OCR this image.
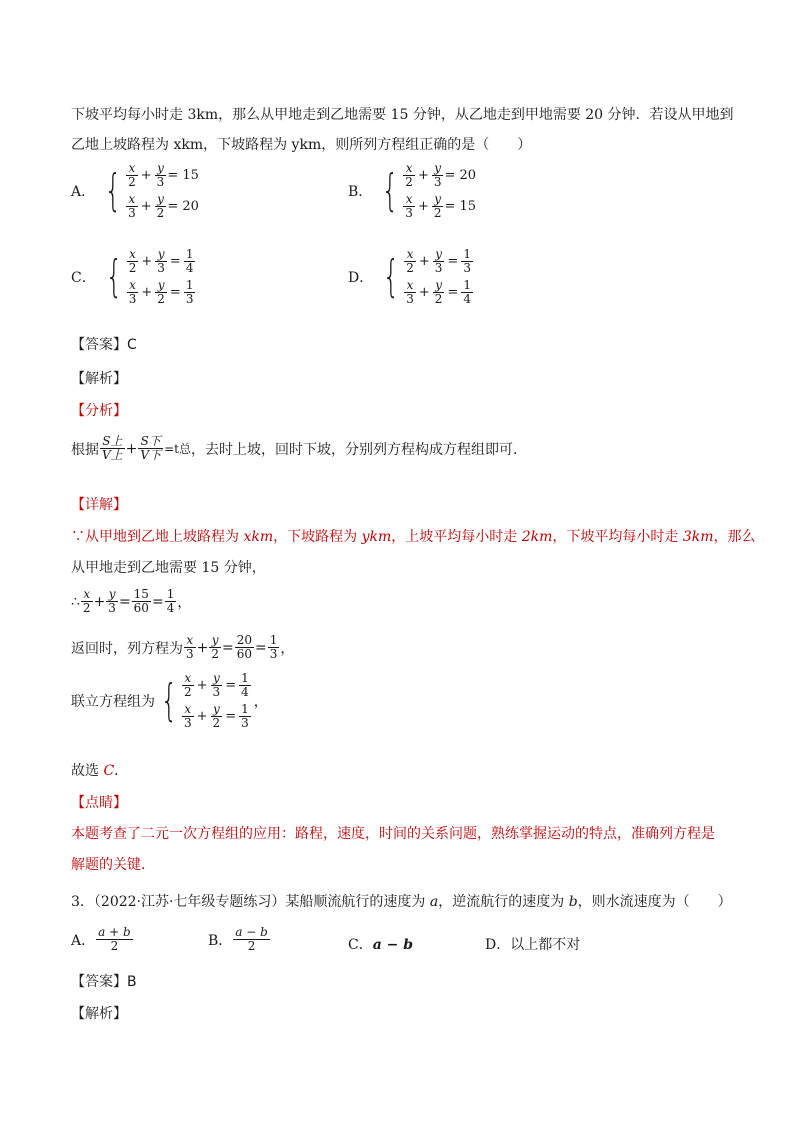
下坡平均每小时走 3km，那么从甲地走到乙地需要 15 分钟，从乙地走到甲地需要 20 分钟．若设从甲地到
乙地上坡路程为 xkm，下坡路程为 ykm，则所列方程组正确的是（　　）
A． { $\frac{x}{2} + \frac{y}{3} = 15$
$\frac{x}{3} + \frac{y}{2} = 20$
B． { $\frac{x}{2} + \frac{y}{3} = 20$
$\frac{x}{3} + \frac{y}{2} = 15$
C． { $\frac{x}{2} + \frac{y}{3} = \frac{1}{4}$
$\frac{x}{3} + \frac{y}{2} = \frac{1}{3}$
D． { $\frac{x}{2} + \frac{y}{3} = \frac{1}{3}$
$\frac{x}{3} + \frac{y}{2} = \frac{1}{4}$
【答案】C
【解析】
【分析】
根据 $\frac{\text{S上}}{\text{V上}} + \frac{\text{S下}}{\text{V下}} =t$总 ，去时上坡，回时下坡，分别列方程构成方程组即可．
【详解】
∵从甲地到乙地上坡路程为 xkm，下坡路程为 ykm，上坡平均每小时走 2km，下坡平均每小时走 3km，那么
从甲地走到乙地需要 15 分钟，
∴ $\frac{x}{2} + \frac{y}{3} = \frac{15}{60} = \frac{1}{4}$ ，
返回时，列方程为 $\frac{x}{3} + \frac{y}{2} = \frac{20}{60} = \frac{1}{3}$ ，
联立方程组为 { $\frac{x}{2} + \frac{y}{3} = \frac{1}{4}$
$\frac{x}{3} + \frac{y}{2} = \frac{1}{3}$
，
故选 C．
【点睛】
本题考查了二元一次方程组的应用：路程，速度，时间的关系问题，熟练掌握运动的特点，准确列方程是
解题的关键．
3．（2022·江苏·七年级专题练习）某船顺流航行的速度为 a，逆流航行的速度为 b，则水流速度为（　　）
A． $\frac{a + b}{2}$	B． $\frac{a - b}{2}$	C．a − b	D．以上都不对
【答案】B
【解析】
